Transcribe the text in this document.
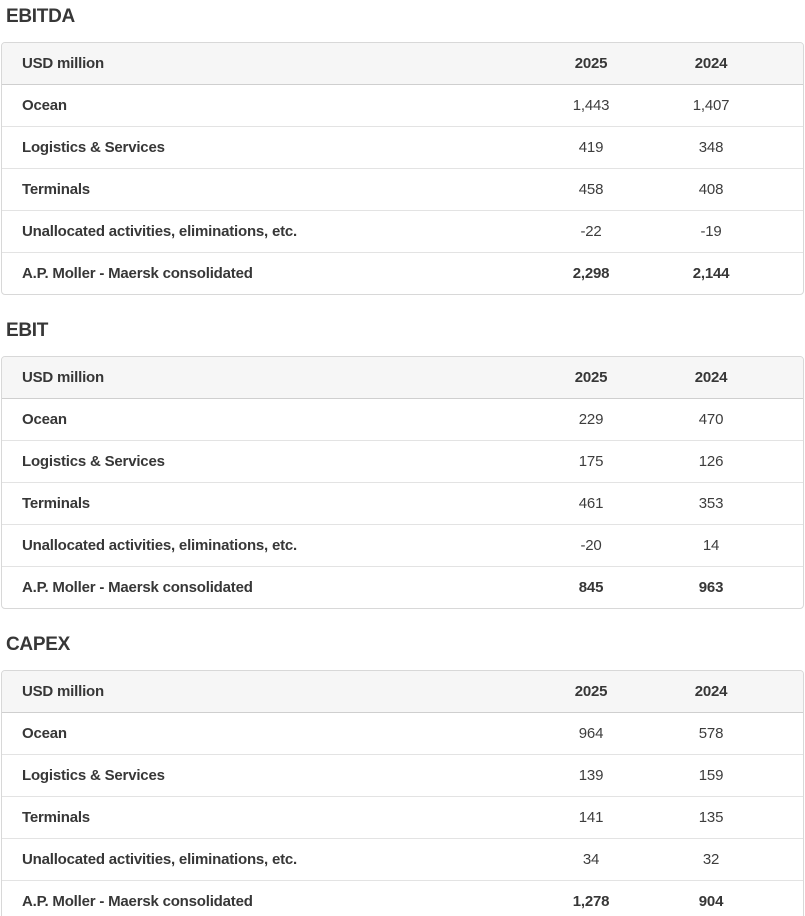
EBITDA
USD million	2025	2024
Ocean	1,443	1,407
Logistics & Services	419	348
Terminals	458	408
Unallocated activities, eliminations, etc.	-22	-19
A.P. Moller - Maersk consolidated	2,298	2,144
EBIT
USD million	2025	2024
Ocean	229	470
Logistics & Services	175	126
Terminals	461	353
Unallocated activities, eliminations, etc.	-20	14
A.P. Moller - Maersk consolidated	845	963
CAPEX
USD million	2025	2024
Ocean	964	578
Logistics & Services	139	159
Terminals	141	135
Unallocated activities, eliminations, etc.	34	32
A.P. Moller - Maersk consolidated	1,278	904
